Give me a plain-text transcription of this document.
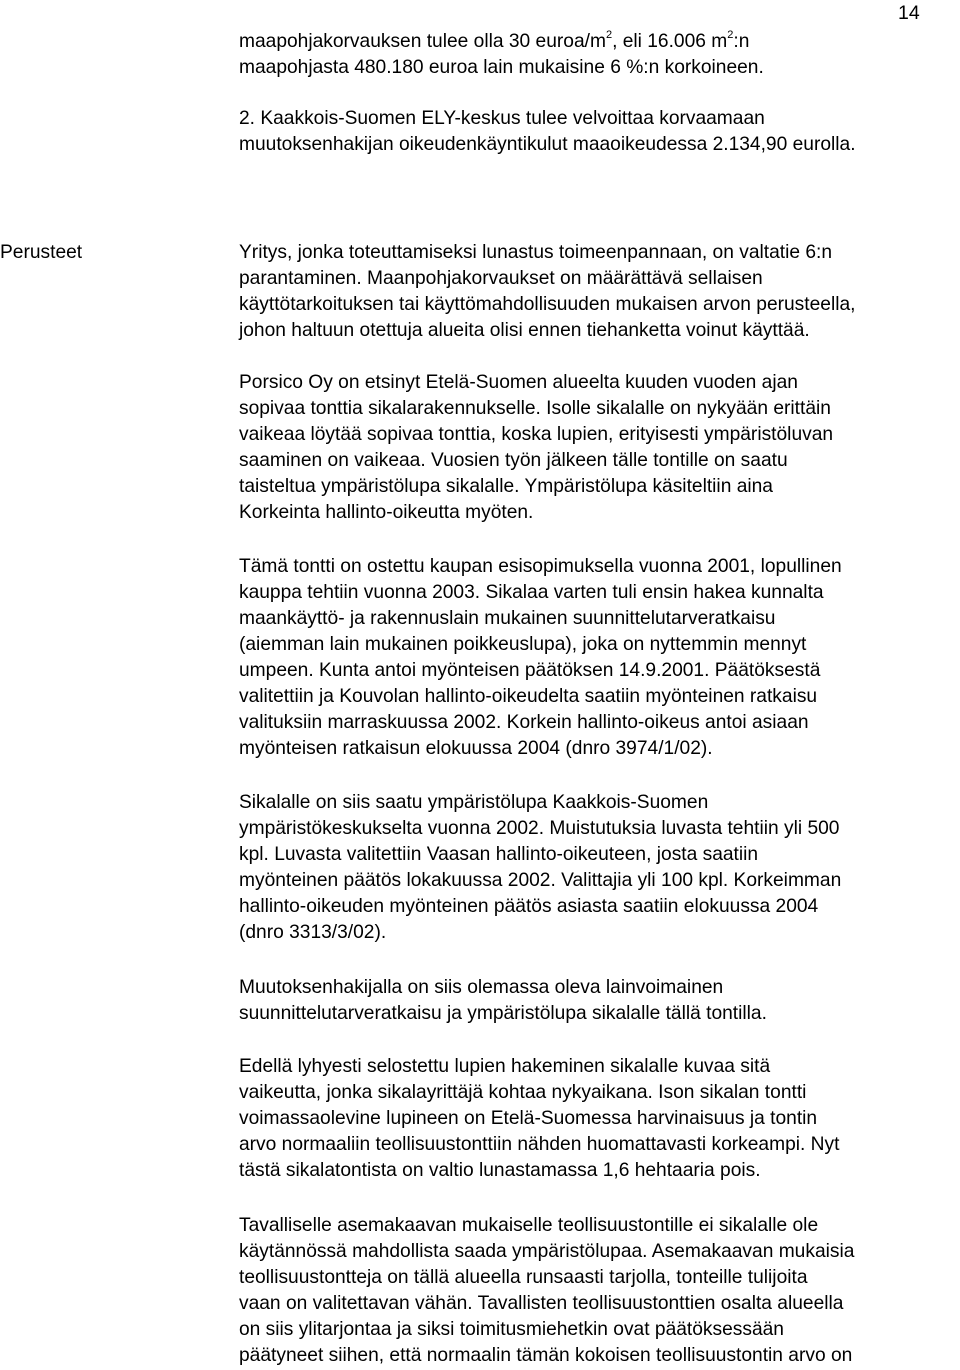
14

maapohjakorvauksen tulee olla 30 euroa/$m^2$, eli 16.006 $m^2:n$

maapohjasta 480.180 euroa lain mukaisine 6 %:n korkoineen.

2. Kaakkois-Suomen ELY-keskus tulee velvoittaa korvaamaan

muutoksenhakijan oikeudenkäyntikulut maaoikeudessa 2.134,90 eurolla.

Perusteet	Yritys, jonka toteuttamiseksi lunastus toimeenpannaan, on valtatie 6:n

parantaminen. Maanpohjakorvaukset on määrättävä sellaisen

käyttötarkoituksen tai käyttömahdollisuuden mukaisen arvon perusteella,

johon haltuun otettuja alueita olisi ennen tiehanketta voinut käyttää.

Porsico Oy on etsinyt Etelä-Suomen alueelta kuuden vuoden ajan

sopivaa tonttia sikalarakennukselle. Isolle sikalalle on nykyään erittäin

vaikeaa löytää sopivaa tonttia, koska lupien, erityisesti ympäristöluvan

saaminen on vaikeaa. Vuosien työn jälkeen tälle tontille on saatu

taisteltua ympäristölupa sikalalle. Ympäristölupa käsiteltiin aina

Korkeinta hallinto-oikeutta myöten.

Tämä tontti on ostettu kaupan esisopimuksella vuonna 2001, lopullinen

kauppa tehtiin vuonna 2003. Sikalaa varten tuli ensin hakea kunnalta

maankäyttö- ja rakennuslain mukainen suunnittelutarveratkaisu

(aiemman lain mukainen poikkeuslupa), joka on nyttemmin mennyt

umpeen. Kunta antoi myönteisen päätöksen 14.9.2001. Päätöksestä

valitettiin ja Kouvolan hallinto-oikeudelta saatiin myönteinen ratkaisu

valituksiin marraskuussa 2002. Korkein hallinto-oikeus antoi asiaan

myönteisen ratkaisun elokuussa 2004 (dnro 3974/1/02).

Sikalalle on siis saatu ympäristölupa Kaakkois-Suomen

ympäristökeskukselta vuonna 2002. Muistutuksia luvasta tehtiin yli 500

kpl. Luvasta valitettiin Vaasan hallinto-oikeuteen, josta saatiin

myönteinen päätös lokakuussa 2002. Valittajia yli 100 kpl. Korkeimman

hallinto-oikeuden myönteinen päätös asiasta saatiin elokuussa 2004

(dnro 3313/3/02).

Muutoksenhakijalla on siis olemassa oleva lainvoimainen

suunnittelutarveratkaisu ja ympäristölupa sikalalle tällä tontilla.

Edellä lyhyesti selostettu lupien hakeminen sikalalle kuvaa sitä

vaikeutta, jonka sikalayrittäjä kohtaa nykyaikana. Ison sikalan tontti

voimassaolevine lupineen on Etelä-Suomessa harvinaisuus ja tontin

arvo normaaliin teollisuustonttiin nähden huomattavasti korkeampi. Nyt

tästä sikalatontista on valtio lunastamassa 1,6 hehtaaria pois.

Tavalliselle asemakaavan mukaiselle teollisuustontille ei sikalalle ole

käytännössä mahdollista saada ympäristölupaa. Asemakaavan mukaisia

teollisuustontteja on tällä alueella runsaasti tarjolla, tonteille tulijoita

vaan on valitettavan vähän. Tavallisten teollisuustonttien osalta alueella

on siis ylitarjontaa ja siksi toimitusmiehetkin ovat päätöksessään

päätyneet siihen, että normaalin tämän kokoisen teollisuustontin arvo on
